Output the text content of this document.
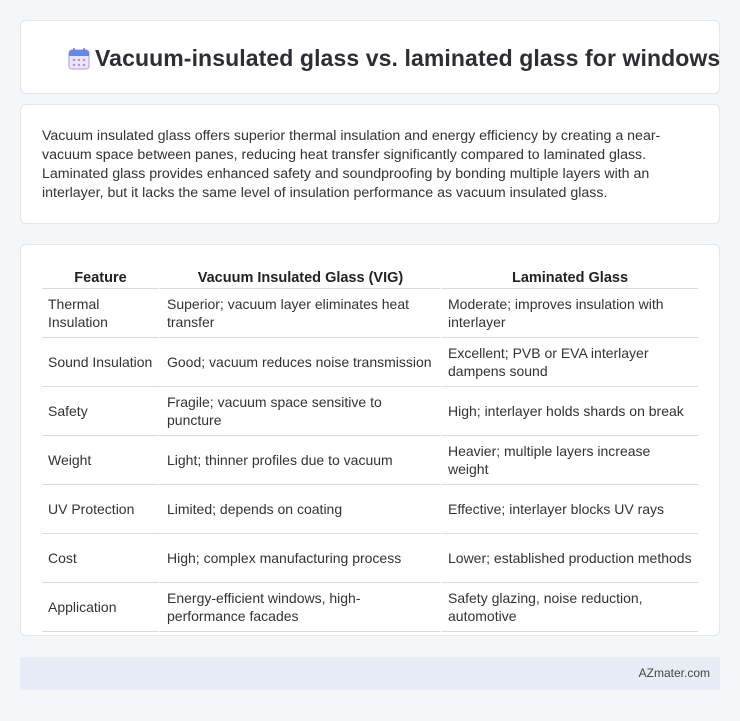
Vacuum-insulated glass vs. laminated glass for windows

Vacuum insulated glass offers superior thermal insulation and energy efficiency by creating a near-vacuum space between panes, reducing heat transfer significantly compared to laminated glass. Laminated glass provides enhanced safety and soundproofing by bonding multiple layers with an interlayer, but it lacks the same level of insulation performance as vacuum insulated glass.

Feature	Vacuum Insulated Glass (VIG)	Laminated Glass
Thermal Insulation	Superior; vacuum layer eliminates heat transfer	Moderate; improves insulation with interlayer
Sound Insulation	Good; vacuum reduces noise transmission	Excellent; PVB or EVA interlayer dampens sound
Safety	Fragile; vacuum space sensitive to puncture	High; interlayer holds shards on break
Weight	Light; thinner profiles due to vacuum	Heavier; multiple layers increase weight
UV Protection	Limited; depends on coating	Effective; interlayer blocks UV rays
Cost	High; complex manufacturing process	Lower; established production methods
Application	Energy-efficient windows, high-performance facades	Safety glazing, noise reduction, automotive
AZmater.com
